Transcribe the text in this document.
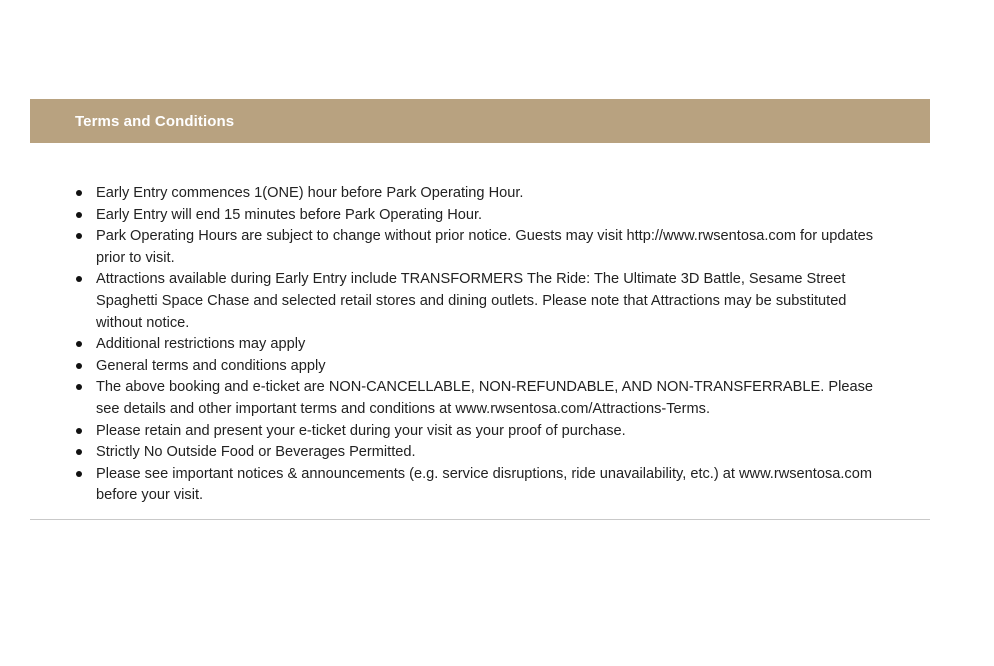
Terms and Conditions
Early Entry commences 1(ONE) hour before Park Operating Hour.
Early Entry will end 15 minutes before Park Operating Hour.
Park Operating Hours are subject to change without prior notice. Guests may visit http://www.rwsentosa.com for updates prior to visit.
Attractions available during Early Entry include TRANSFORMERS The Ride: The Ultimate 3D Battle, Sesame Street Spaghetti Space Chase and selected retail stores and dining outlets. Please note that Attractions may be substituted without notice.
Additional restrictions may apply
General terms and conditions apply
The above booking and e-ticket are NON-CANCELLABLE, NON-REFUNDABLE, AND NON-TRANSFERRABLE. Please see details and other important terms and conditions at www.rwsentosa.com/Attractions-Terms.
Please retain and present your e-ticket during your visit as your proof of purchase.
Strictly No Outside Food or Beverages Permitted.
Please see important notices & announcements (e.g. service disruptions, ride unavailability, etc.) at www.rwsentosa.com before your visit.
